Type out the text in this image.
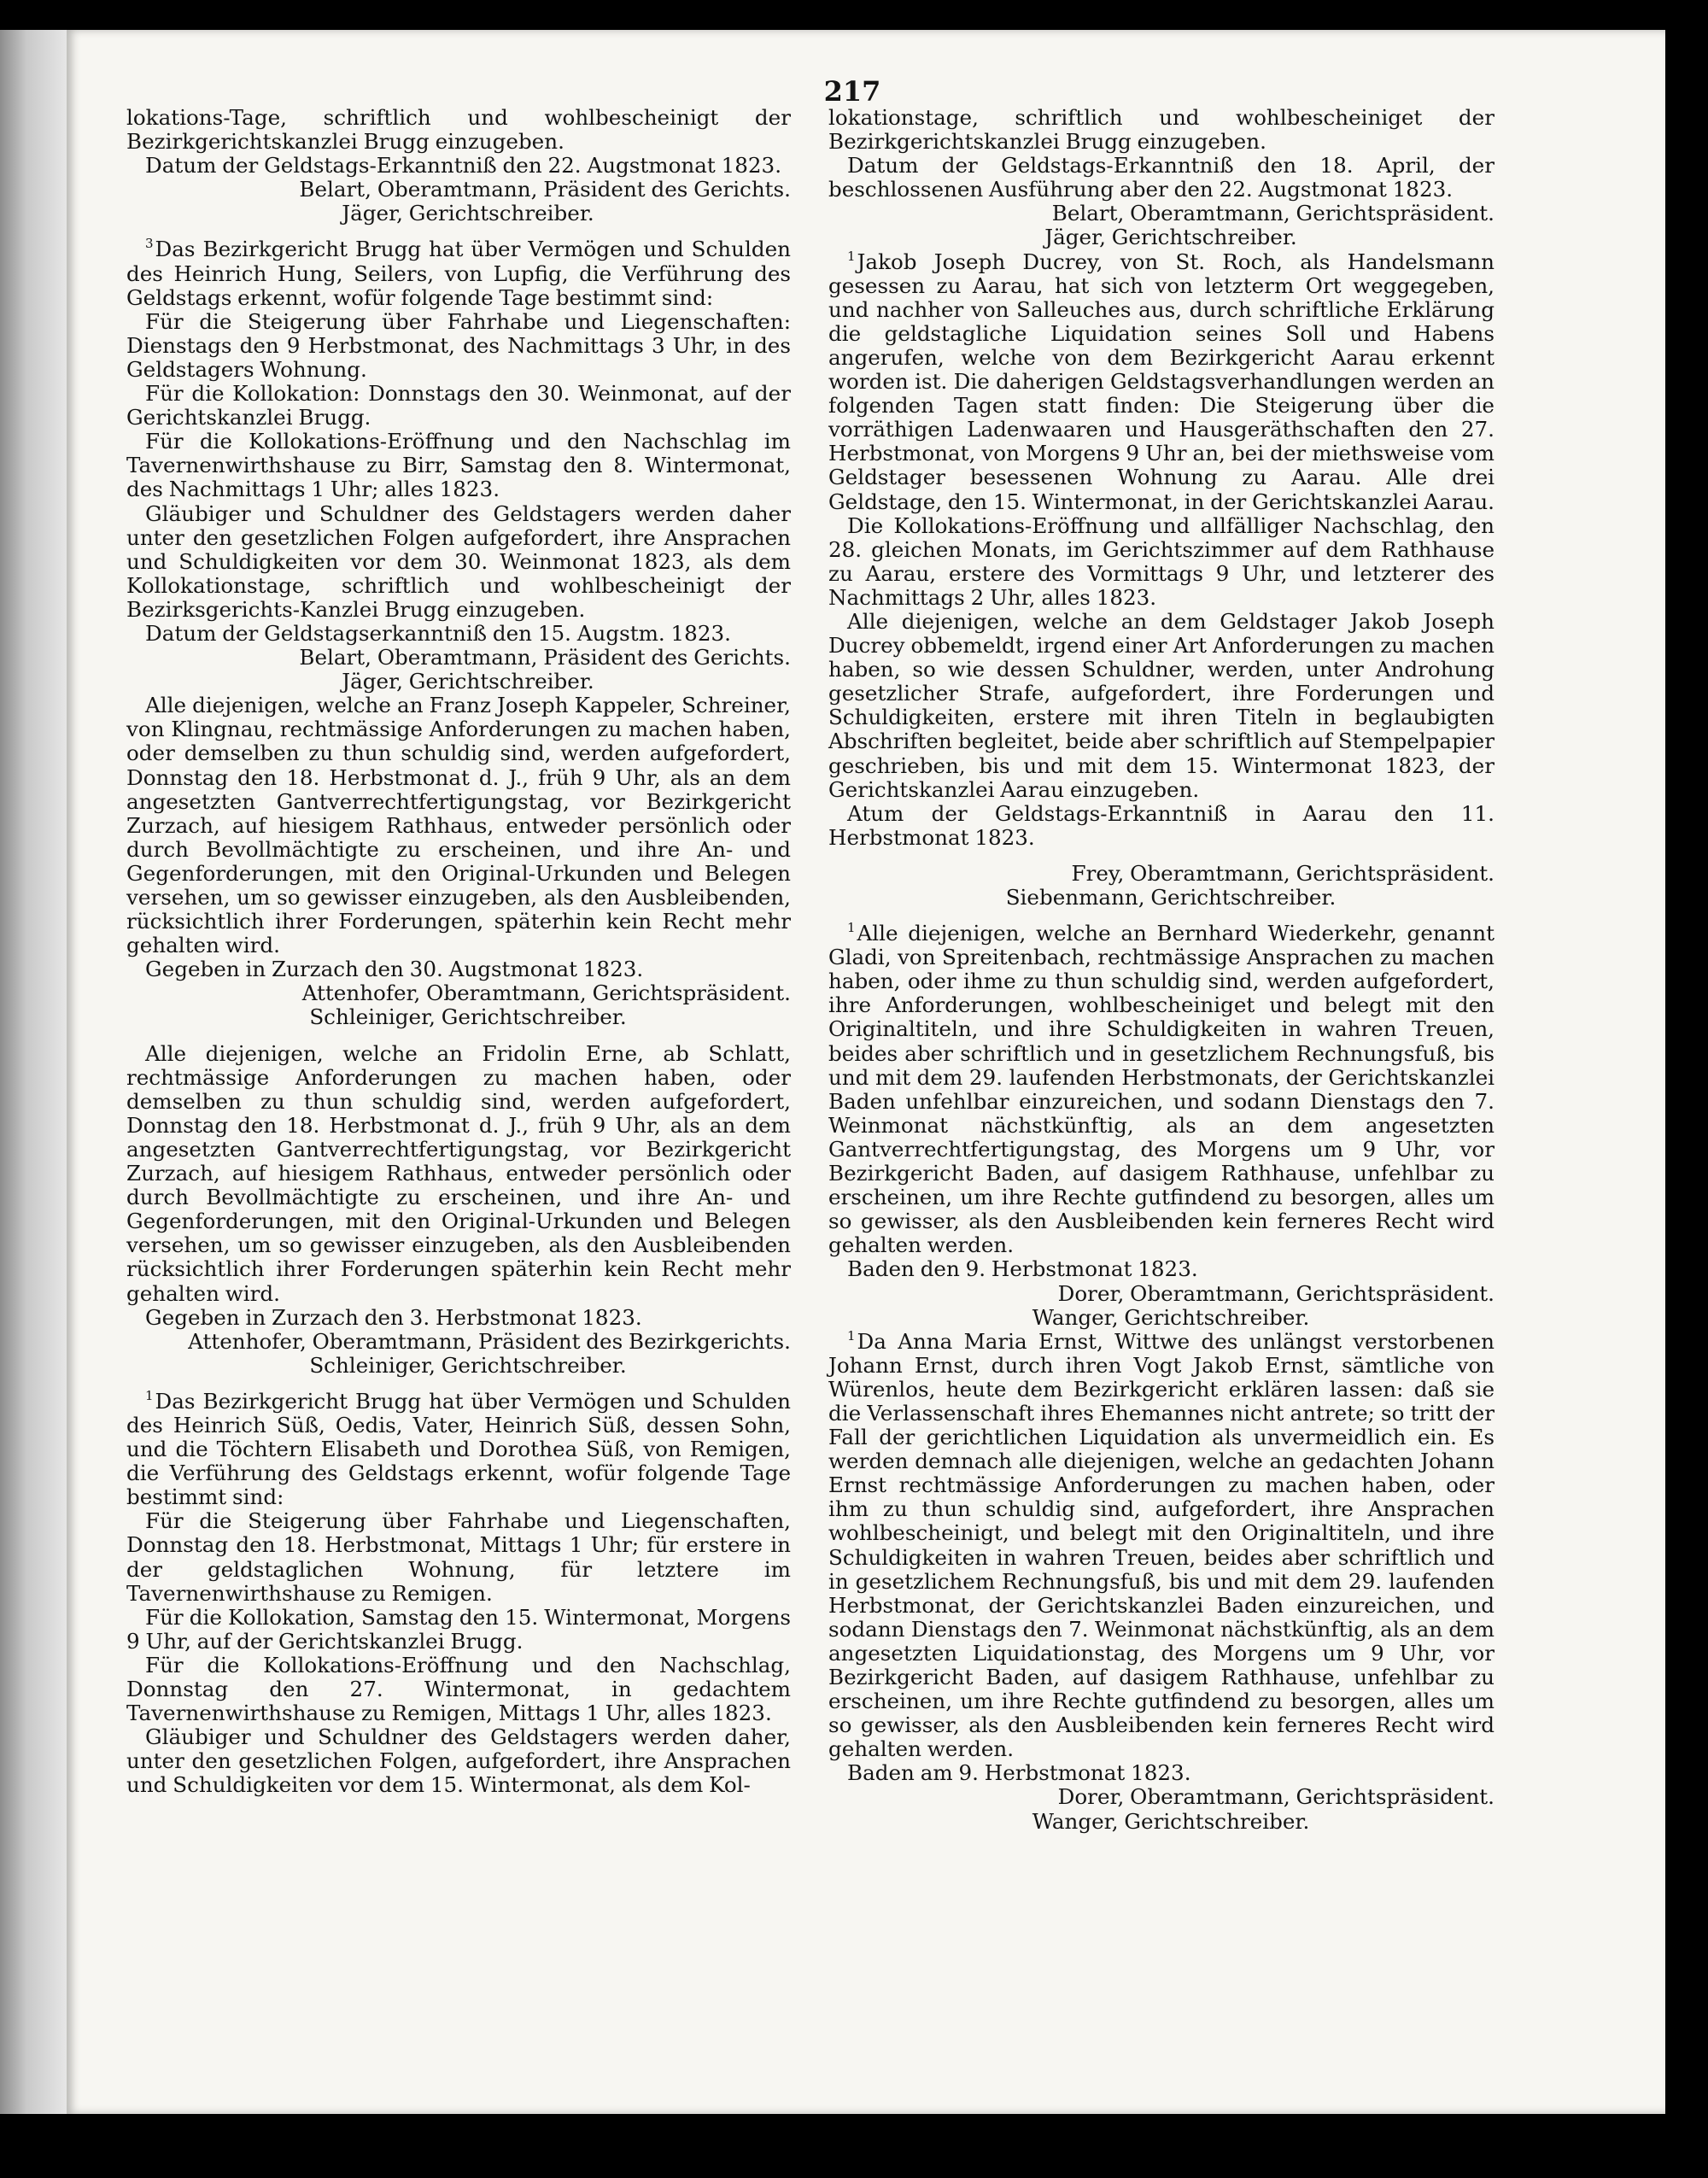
217

lokations-Tage, schriftlich und wohlbescheinigt der Bezirkgerichtskanzlei Brugg einzugeben.

Datum der Geldstags-Erkanntniß den 22. Augstmonat 1823.

Belart, Oberamtmann, Präsident des Gerichts.

Jäger, Gerichtschreiber.

$^3$Das Bezirkgericht Brugg hat über Vermögen und Schulden des Heinrich Hung, Seilers, von Lupfig, die Verführung des Geldstags erkennt, wofür folgende Tage bestimmt sind:

Für die Steigerung über Fahrhabe und Liegenschaften: Dienstags den 9 Herbstmonat, des Nachmittags 3 Uhr, in des Geldstagers Wohnung.

Für die Kollokation: Donnstags den 30. Weinmonat, auf der Gerichtskanzlei Brugg.

Für die Kollokations-Eröffnung und den Nachschlag im Tavernenwirthshause zu Birr, Samstag den 8. Wintermonat, des Nachmittags 1 Uhr; alles 1823.

Gläubiger und Schuldner des Geldstagers werden daher unter den gesetzlichen Folgen aufgefordert, ihre Ansprachen und Schuldigkeiten vor dem 30. Weinmonat 1823, als dem Kollokationstage, schriftlich und wohlbescheinigt der Bezirksgerichts-Kanzlei Brugg einzugeben.

Datum der Geldstagserkanntniß den 15. Augstm. 1823.

Belart, Oberamtmann, Präsident des Gerichts.

Jäger, Gerichtschreiber.

Alle diejenigen, welche an Franz Joseph Kappeler, Schreiner, von Klingnau, rechtmässige Anforderungen zu machen haben, oder demselben zu thun schuldig sind, werden aufgefordert, Donnstag den 18. Herbstmonat d. J., früh 9 Uhr, als an dem angesetzten Gantverrechtfertigungstag, vor Bezirkgericht Zurzach, auf hiesigem Rathhaus, entweder persönlich oder durch Bevollmächtigte zu erscheinen, und ihre An- und Gegenforderungen, mit den Original-Urkunden und Belegen versehen, um so gewisser einzugeben, als den Ausbleibenden, rücksichtlich ihrer Forderungen, späterhin kein Recht mehr gehalten wird.

Gegeben in Zurzach den 30. Augstmonat 1823.

Attenhofer, Oberamtmann, Gerichtspräsident.

Schleiniger, Gerichtschreiber.

Alle diejenigen, welche an Fridolin Erne, ab Schlatt, rechtmässige Anforderungen zu machen haben, oder demselben zu thun schuldig sind, werden aufgefordert, Donnstag den 18. Herbstmonat d. J., früh 9 Uhr, als an dem angesetzten Gantverrechtfertigungstag, vor Bezirkgericht Zurzach, auf hiesigem Rathhaus, entweder persönlich oder durch Bevollmächtigte zu erscheinen, und ihre An- und Gegenforderungen, mit den Original-Urkunden und Belegen versehen, um so gewisser einzugeben, als den Ausbleibenden rücksichtlich ihrer Forderungen späterhin kein Recht mehr gehalten wird.

Gegeben in Zurzach den 3. Herbstmonat 1823.

Attenhofer, Oberamtmann, Präsident des Bezirkgerichts.

Schleiniger, Gerichtschreiber.

$^1$Das Bezirkgericht Brugg hat über Vermögen und Schulden des Heinrich Süß, Oedis, Vater, Heinrich Süß, dessen Sohn, und die Töchtern Elisabeth und Dorothea Süß, von Remigen, die Verführung des Geldstags erkennt, wofür folgende Tage bestimmt sind:

Für die Steigerung über Fahrhabe und Liegenschaften, Donnstag den 18. Herbstmonat, Mittags 1 Uhr; für erstere in der geldstaglichen Wohnung, für letztere im Tavernenwirthshause zu Remigen.

Für die Kollokation, Samstag den 15. Wintermonat, Morgens 9 Uhr, auf der Gerichtskanzlei Brugg.

Für die Kollokations-Eröffnung und den Nachschlag, Donnstag den 27. Wintermonat, in gedachtem Tavernenwirthshause zu Remigen, Mittags 1 Uhr, alles 1823.

Gläubiger und Schuldner des Geldstagers werden daher, unter den gesetzlichen Folgen, aufgefordert, ihre Ansprachen und Schuldigkeiten vor dem 15. Wintermonat, als dem Kol-

lokationstage, schriftlich und wohlbescheiniget der Bezirkgerichtskanzlei Brugg einzugeben.

Datum der Geldstags-Erkanntniß den 18. April, der beschlossenen Ausführung aber den 22. Augstmonat 1823.

Belart, Oberamtmann, Gerichtspräsident.

Jäger, Gerichtschreiber.

$^1$Jakob Joseph Ducrey, von St. Roch, als Handelsmann gesessen zu Aarau, hat sich von letzterm Ort weggegeben, und nachher von Salleuches aus, durch schriftliche Erklärung die geldstagliche Liquidation seines Soll und Habens angerufen, welche von dem Bezirkgericht Aarau erkennt worden ist. Die daherigen Geldstagsverhandlungen werden an folgenden Tagen statt finden: Die Steigerung über die vorräthigen Ladenwaaren und Hausgeräthschaften den 27. Herbstmonat, von Morgens 9 Uhr an, bei der miethsweise vom Geldstager besessenen Wohnung zu Aarau. Alle drei Geldstage, den 15. Wintermonat, in der Gerichtskanzlei Aarau.

Die Kollokations-Eröffnung und allfälliger Nachschlag, den 28. gleichen Monats, im Gerichtszimmer auf dem Rathhause zu Aarau, erstere des Vormittags 9 Uhr, und letzterer des Nachmittags 2 Uhr, alles 1823.

Alle diejenigen, welche an dem Geldstager Jakob Joseph Ducrey obbemeldt, irgend einer Art Anforderungen zu machen haben, so wie dessen Schuldner, werden, unter Androhung gesetzlicher Strafe, aufgefordert, ihre Forderungen und Schuldigkeiten, erstere mit ihren Titeln in beglaubigten Abschriften begleitet, beide aber schriftlich auf Stempelpapier geschrieben, bis und mit dem 15. Wintermonat 1823, der Gerichtskanzlei Aarau einzugeben.

Atum der Geldstags-Erkanntniß in Aarau den 11. Herbstmonat 1823.

Frey, Oberamtmann, Gerichtspräsident.

Siebenmann, Gerichtschreiber.

$^1$Alle diejenigen, welche an Bernhard Wiederkehr, genannt Gladi, von Spreitenbach, rechtmässige Ansprachen zu machen haben, oder ihme zu thun schuldig sind, werden aufgefordert, ihre Anforderungen, wohlbescheiniget und belegt mit den Originaltiteln, und ihre Schuldigkeiten in wahren Treuen, beides aber schriftlich und in gesetzlichem Rechnungsfuß, bis und mit dem 29. laufenden Herbstmonats, der Gerichtskanzlei Baden unfehlbar einzureichen, und sodann Dienstags den 7. Weinmonat nächstkünftig, als an dem angesetzten Gantverrechtfertigungstag, des Morgens um 9 Uhr, vor Bezirkgericht Baden, auf dasigem Rathhause, unfehlbar zu erscheinen, um ihre Rechte gutfindend zu besorgen, alles um so gewisser, als den Ausbleibenden kein ferneres Recht wird gehalten werden.

Baden den 9. Herbstmonat 1823.

Dorer, Oberamtmann, Gerichtspräsident.

Wanger, Gerichtschreiber.

$^1$Da Anna Maria Ernst, Wittwe des unlängst verstorbenen Johann Ernst, durch ihren Vogt Jakob Ernst, sämtliche von Würenlos, heute dem Bezirkgericht erklären lassen: daß sie die Verlassenschaft ihres Ehemannes nicht antrete; so tritt der Fall der gerichtlichen Liquidation als unvermeidlich ein. Es werden demnach alle diejenigen, welche an gedachten Johann Ernst rechtmässige Anforderungen zu machen haben, oder ihm zu thun schuldig sind, aufgefordert, ihre Ansprachen wohlbescheinigt, und belegt mit den Originaltiteln, und ihre Schuldigkeiten in wahren Treuen, beides aber schriftlich und in gesetzlichem Rechnungsfuß, bis und mit dem 29. laufenden Herbstmonat, der Gerichtskanzlei Baden einzureichen, und sodann Dienstags den 7. Weinmonat nächstkünftig, als an dem angesetzten Liquidationstag, des Morgens um 9 Uhr, vor Bezirkgericht Baden, auf dasigem Rathhause, unfehlbar zu erscheinen, um ihre Rechte gutfindend zu besorgen, alles um so gewisser, als den Ausbleibenden kein ferneres Recht wird gehalten werden.

Baden am 9. Herbstmonat 1823.

Dorer, Oberamtmann, Gerichtspräsident.

Wanger, Gerichtschreiber.
